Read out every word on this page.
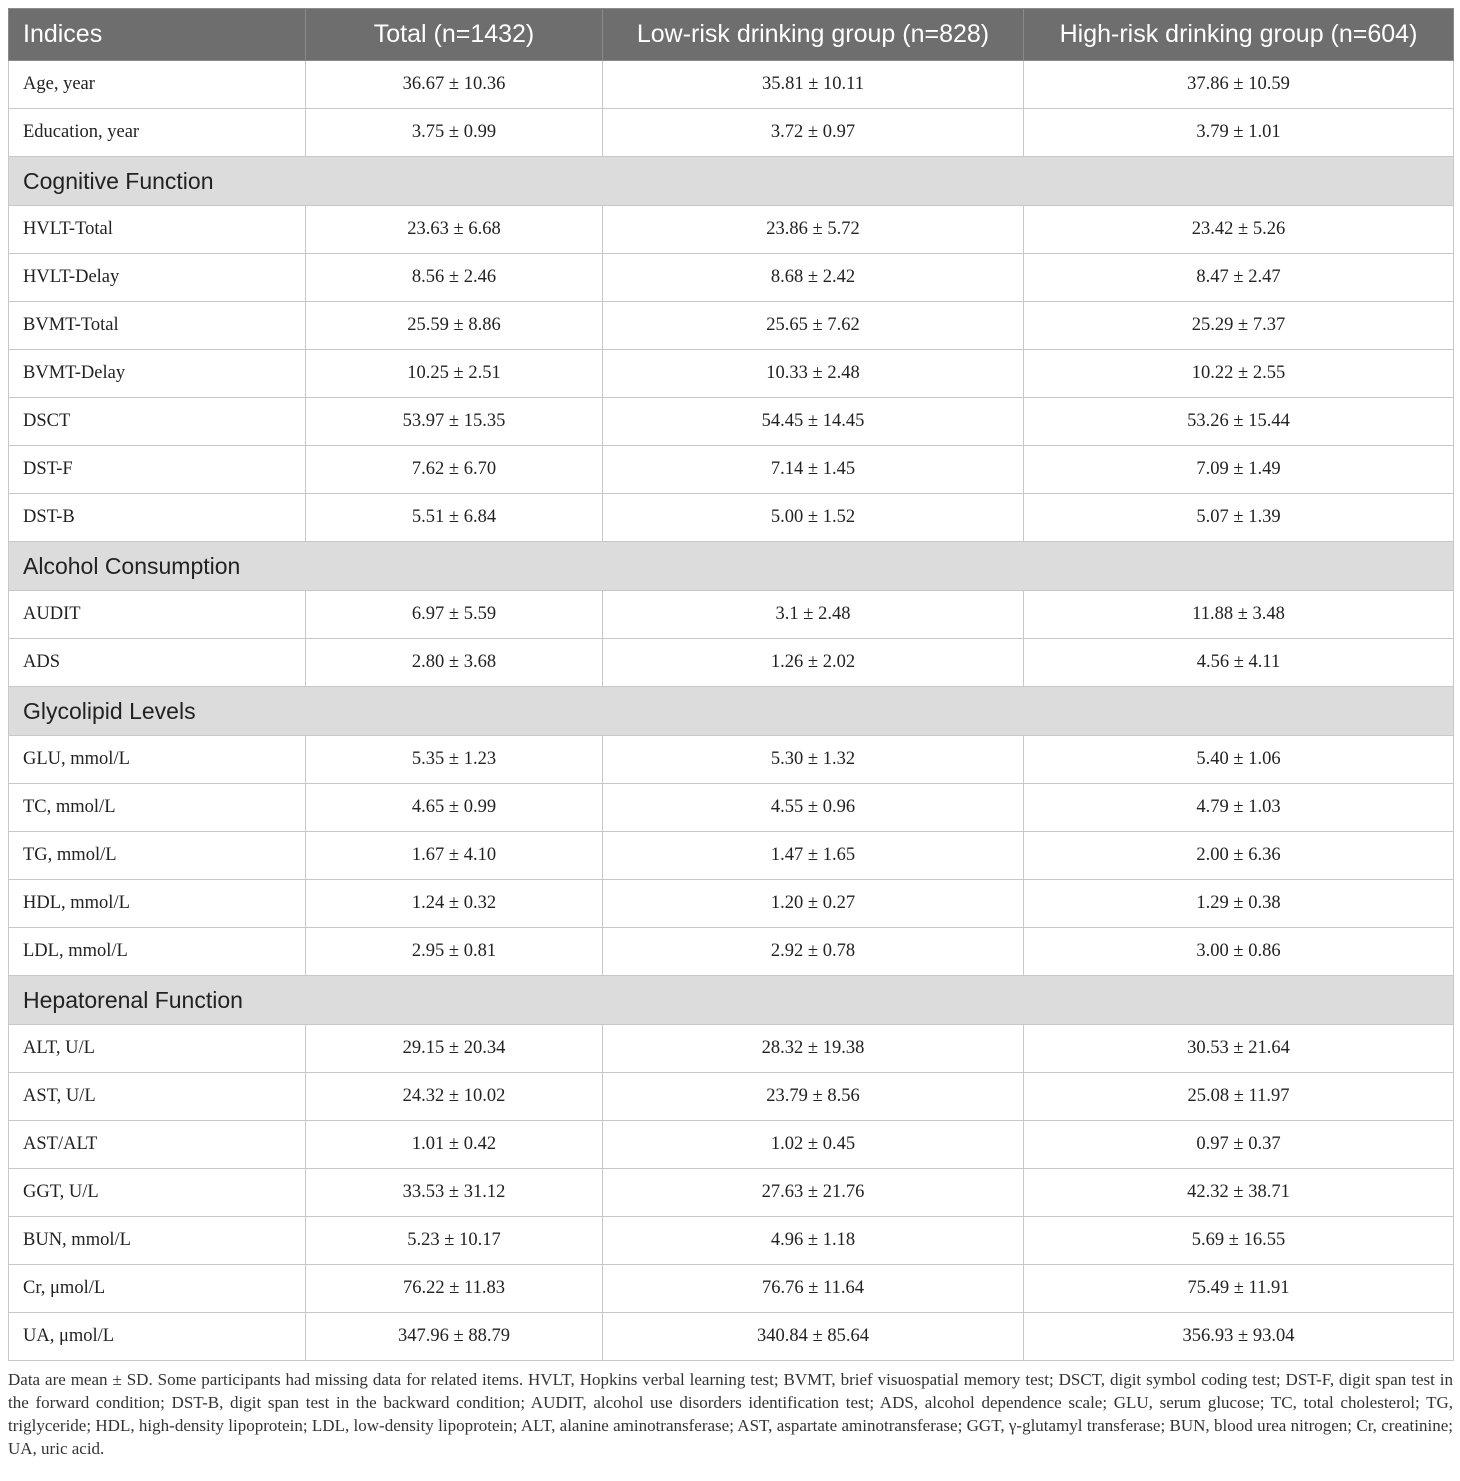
Indices	Total (n=1432)	Low-risk drinking group (n=828)	High-risk drinking group (n=604)
Age, year	36.67 ± 10.36	35.81 ± 10.11	37.86 ± 10.59
Education, year	3.75 ± 0.99	3.72 ± 0.97	3.79 ± 1.01
Cognitive Function			
HVLT-Total	23.63 ± 6.68	23.86 ± 5.72	23.42 ± 5.26
HVLT-Delay	8.56 ± 2.46	8.68 ± 2.42	8.47 ± 2.47
BVMT-Total	25.59 ± 8.86	25.65 ± 7.62	25.29 ± 7.37
BVMT-Delay	10.25 ± 2.51	10.33 ± 2.48	10.22 ± 2.55
DSCT	53.97 ± 15.35	54.45 ± 14.45	53.26 ± 15.44
DST-F	7.62 ± 6.70	7.14 ± 1.45	7.09 ± 1.49
DST-B	5.51 ± 6.84	5.00 ± 1.52	5.07 ± 1.39
Alcohol Consumption			
AUDIT	6.97 ± 5.59	3.1 ± 2.48	11.88 ± 3.48
ADS	2.80 ± 3.68	1.26 ± 2.02	4.56 ± 4.11
Glycolipid Levels			
GLU, mmol/L	5.35 ± 1.23	5.30 ± 1.32	5.40 ± 1.06
TC, mmol/L	4.65 ± 0.99	4.55 ± 0.96	4.79 ± 1.03
TG, mmol/L	1.67 ± 4.10	1.47 ± 1.65	2.00 ± 6.36
HDL, mmol/L	1.24 ± 0.32	1.20 ± 0.27	1.29 ± 0.38
LDL, mmol/L	2.95 ± 0.81	2.92 ± 0.78	3.00 ± 0.86
Hepatorenal Function			
ALT, U/L	29.15 ± 20.34	28.32 ± 19.38	30.53 ± 21.64
AST, U/L	24.32 ± 10.02	23.79 ± 8.56	25.08 ± 11.97
AST/ALT	1.01 ± 0.42	1.02 ± 0.45	0.97 ± 0.37
GGT, U/L	33.53 ± 31.12	27.63 ± 21.76	42.32 ± 38.71
BUN, mmol/L	5.23 ± 10.17	4.96 ± 1.18	5.69 ± 16.55
Cr, μmol/L	76.22 ± 11.83	76.76 ± 11.64	75.49 ± 11.91
UA, μmol/L	347.96 ± 88.79	340.84 ± 85.64	356.93 ± 93.04
Data are mean ± SD. Some participants had missing data for related items. HVLT, Hopkins verbal learning test; BVMT, brief visuospatial memory test; DSCT, digit symbol coding test; DST-F, digit span test in the forward condition; DST-B, digit span test in the backward condition; AUDIT, alcohol use disorders identification test; ADS, alcohol dependence scale; GLU, serum glucose; TC, total cholesterol; TG, triglyceride; HDL, high-density lipoprotein; LDL, low-density lipoprotein; ALT, alanine aminotransferase; AST, aspartate aminotransferase; GGT, γ-glutamyl transferase; BUN, blood urea nitrogen; Cr, creatinine; UA, uric acid.
